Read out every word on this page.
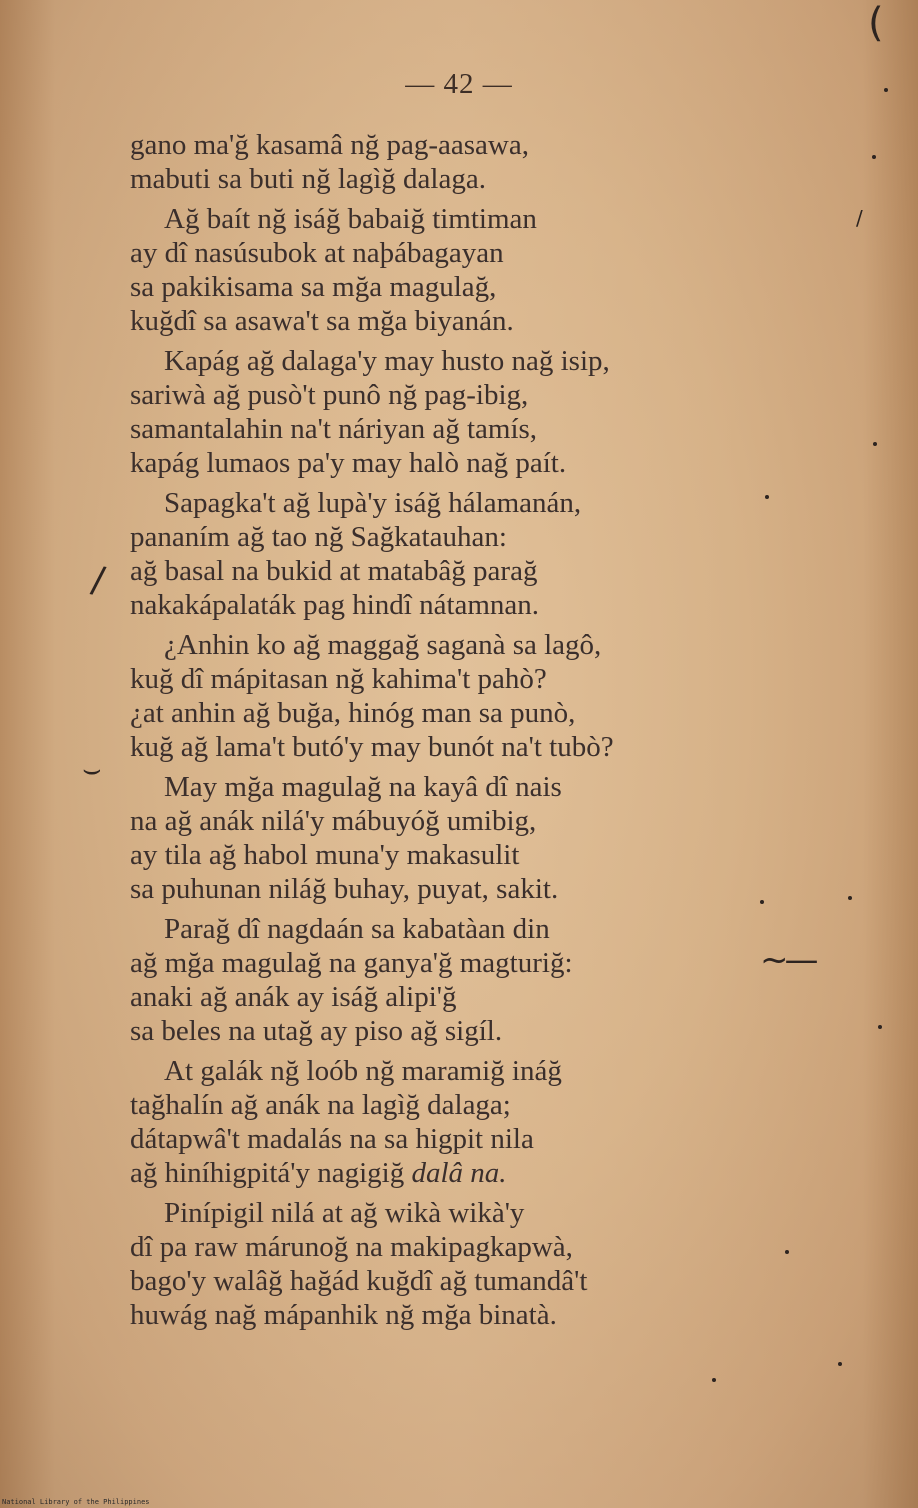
— 42 —
gano ma'ğ kasamâ nğ pag-aasawa,
mabuti sa buti nğ lagìğ dalaga.
Ağ baít nğ isáğ babaiğ timtiman
ay dî nasúsubok at naþábagayan
sa pakikisama sa mğa magulağ,
kuğdî sa asawa't sa mğa biyanán.
Kapág ağ dalaga'y may husto nağ isip,
sariwà ağ pusò't punô nğ pag-ibig,
samantalahin na't náriyan ağ tamís,
kapág lumaos pa'y may halò nağ paít.
Sapagka't ağ lupà'y isáğ hálamanán,
pananím ağ tao nğ Sağkatauhan:
ağ basal na bukid at matabâğ parağ
nakakápalaták pag hindî nátamnan.
¿Anhin ko ağ maggağ saganà sa lagô,
kuğ dî mápitasan nğ kahima't pahò?
¿at anhin ağ buğa, hinóg man sa punò,
kuğ ağ lama't butó'y may bunót na't tubò?
May mğa magulağ na kayâ dî nais
na ağ anák nilá'y mábuyóğ umibig,
ay tila ağ habol muna'y makasulit
sa puhunan niláğ buhay, puyat, sakit.
Parağ dî nagdaán sa kabatàan din
ağ mğa magulağ na ganya'ğ magturiğ:
anaki ağ anák ay isáğ alipi'ğ
sa beles na utağ ay piso ağ sigíl.
At galák nğ loób nğ maramiğ ináğ
tağhalín ağ anák na lagìğ dalaga;
dátapwâ't madalás na sa higpit nila
ağ hiníhigpitá'y nagigiğ dalâ na.
Pinípigil nilá at ağ wikà wikà'y
dî pa raw márunoğ na makipagkapwà,
bago'y walâğ hağád kuğdî ağ tumandâ't
huwág nağ mápanhik nğ mğa binatà.
/
⌣
~—
/
(
National Library of the Philippines
